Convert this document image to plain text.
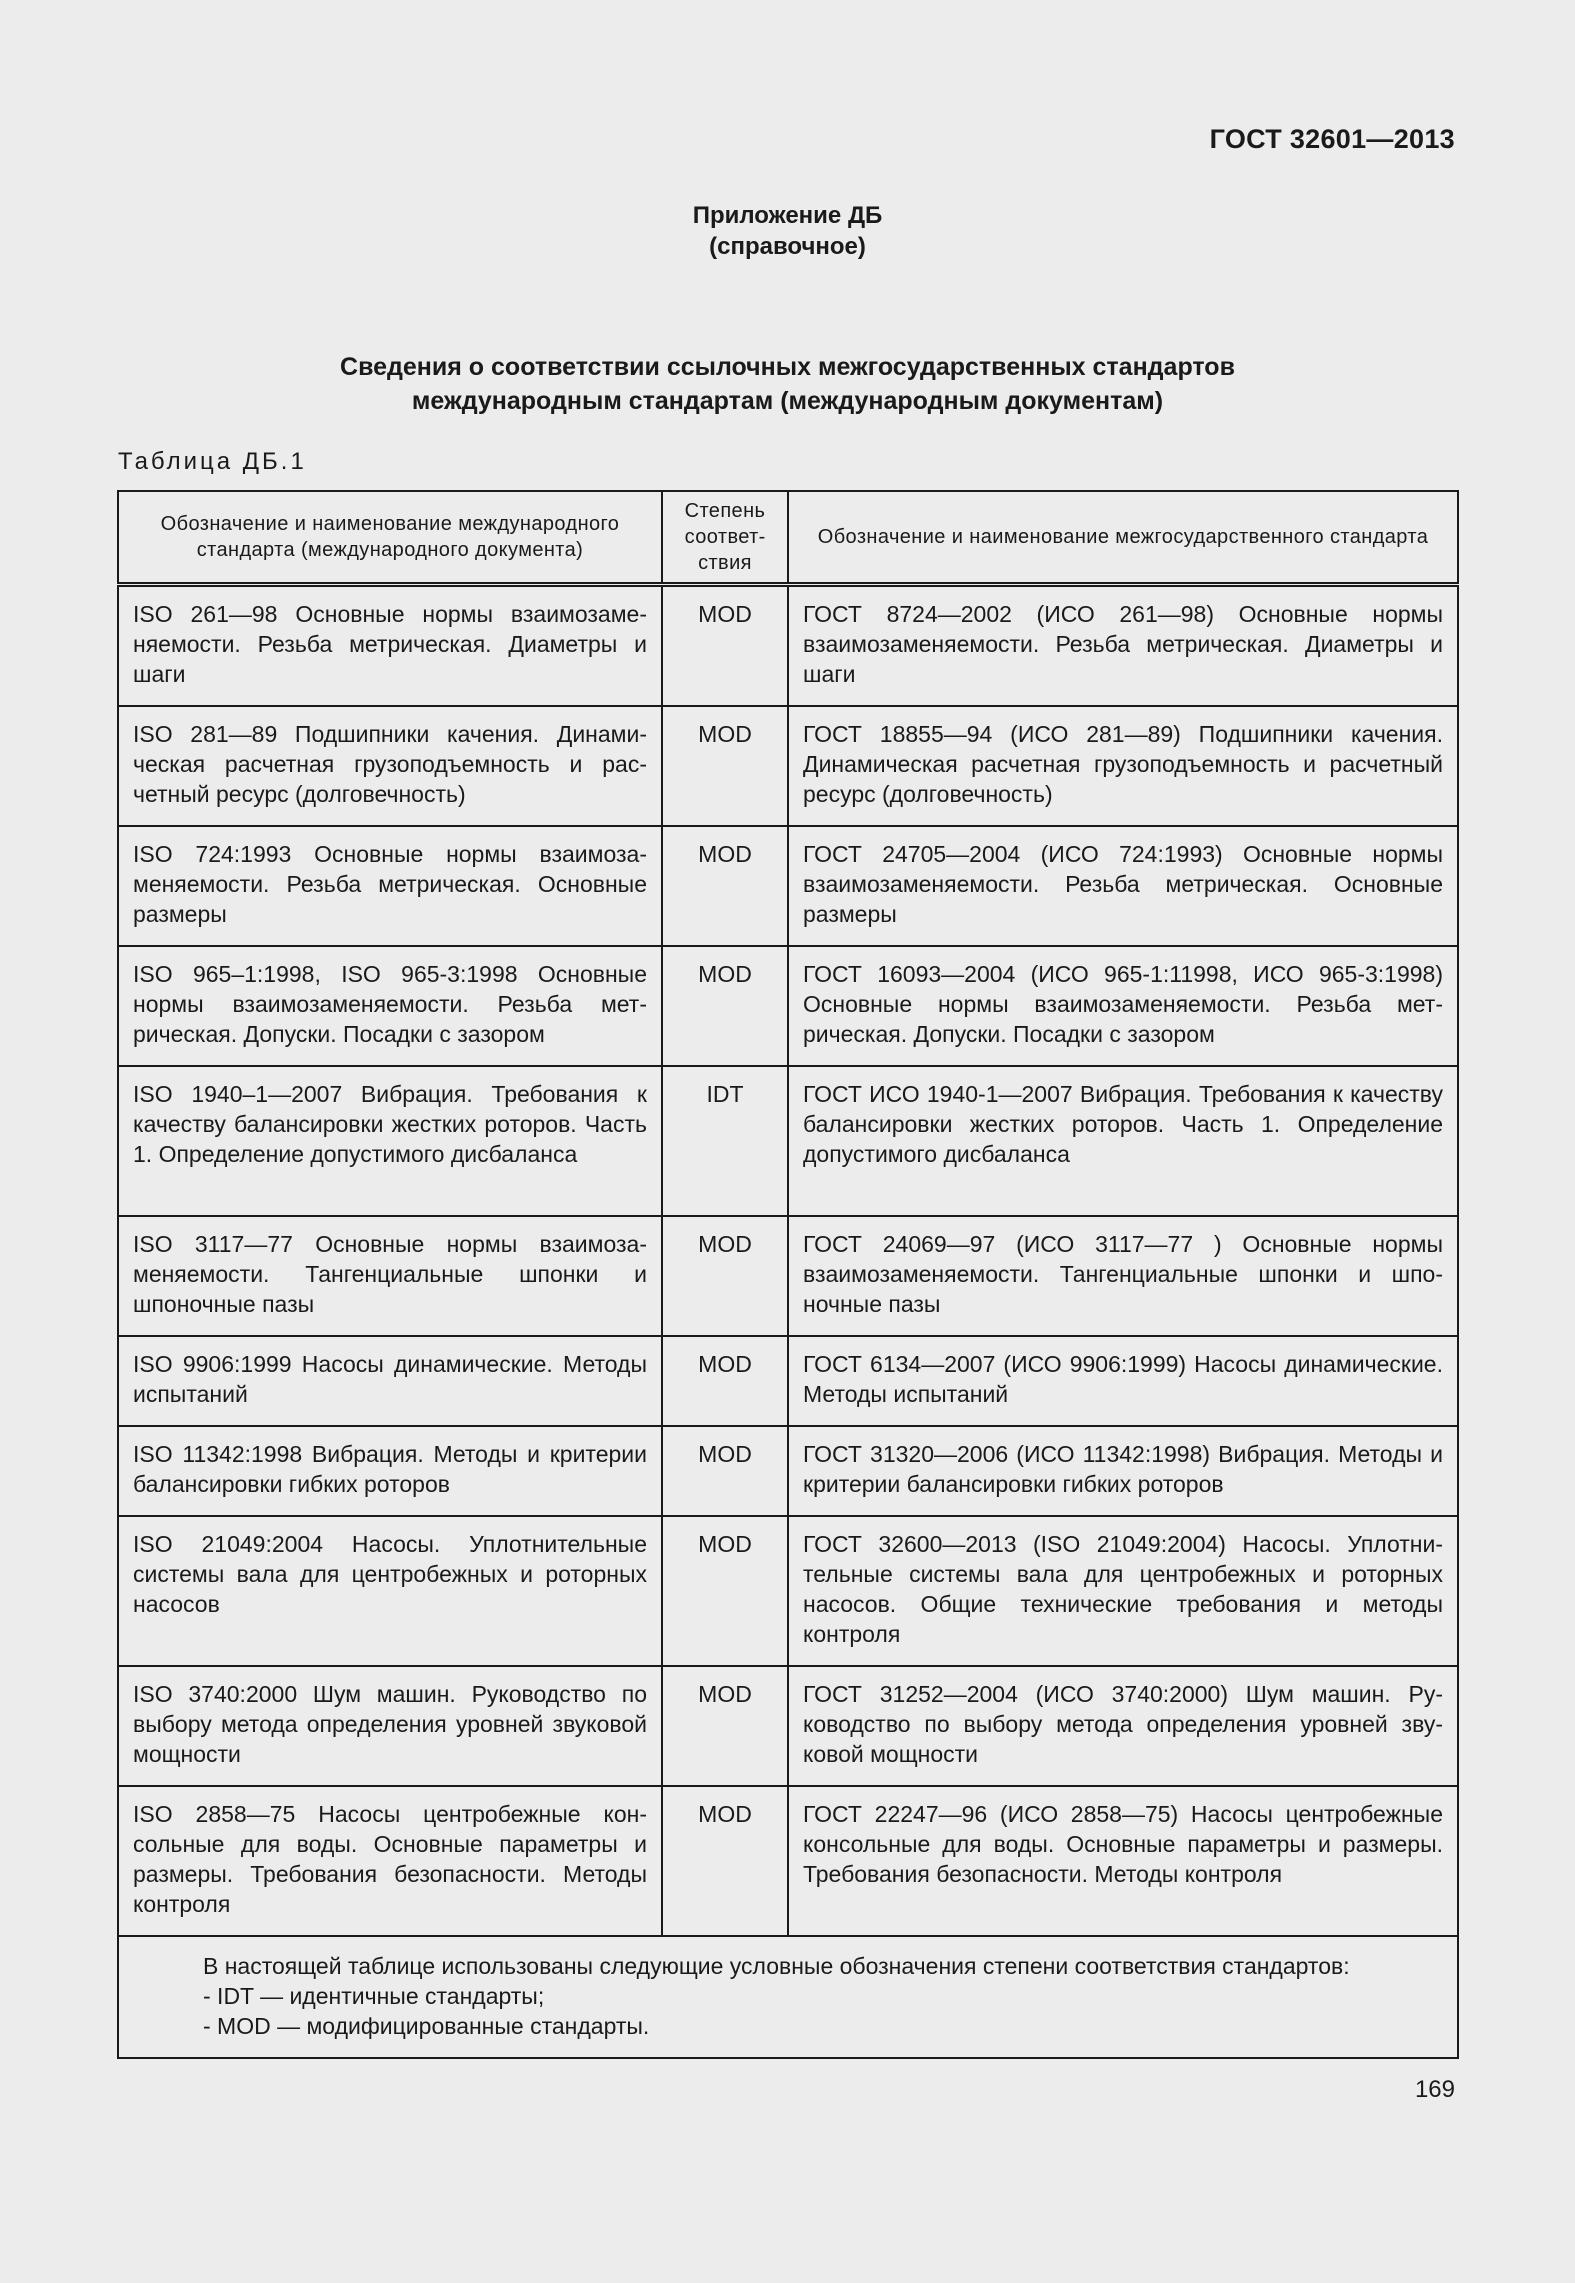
ГОСТ 32601—2013
Приложение ДБ
(справочное)
Сведения о соответствии ссылочных межгосударственных стандартов
международным стандартам (международным документам)
Таблица ДБ.1
Обозначение и наименование международного стандарта (международного документа)	Степень соответствия	Обозначение и наименование межгосударственного стандарта
ISO 261—98 Основные нормы взаимозаменяемости. Резьба метрическая. Диаметры и шаги	MOD	ГОСТ 8724—2002 (ИСО 261—98) Основные нормы взаимозаменяемости. Резьба метрическая. Диаметры и шаги
ISO 281—89 Подшипники качения. Динамическая расчетная грузоподъемность и расчетный ресурс (долговечность)	MOD	ГОСТ 18855—94 (ИСО 281—89) Подшипники качения. Динамическая расчетная грузоподъемность и расчетный ресурс (долговечность)
ISO 724:1993 Основные нормы взаимозаменяемости. Резьба метрическая. Основные размеры	MOD	ГОСТ 24705—2004 (ИСО 724:1993) Основные нормы взаимозаменяемости. Резьба метрическая. Основные размеры
ISO 965–1:1998, ISO 965-3:1998 Основные нормы взаимозаменяемости. Резьба метрическая. Допуски. Посадки с зазором	MOD	ГОСТ 16093—2004 (ИСО 965-1:11998, ИСО 965-3:1998) Основные нормы взаимозаменяемости. Резьба метрическая. Допуски. Посадки с зазором
ISO 1940–1—2007 Вибрация. Требования к качеству балансировки жестких роторов. Часть 1. Определение допустимого дисбаланса	IDT	ГОСТ ИСО 1940-1—2007 Вибрация. Требования к качеству балансировки жестких роторов. Часть 1. Определение допустимого дисбаланса
ISO 3117—77 Основные нормы взаимозаменяемости. Тангенциальные шпонки и шпоночные пазы	MOD	ГОСТ 24069—97 (ИСО 3117—77 ) Основные нормы взаимозаменяемости. Тангенциальные шпонки и шпоночные пазы
ISO 9906:1999 Насосы динамические. Методы испытаний	MOD	ГОСТ 6134—2007 (ИСО 9906:1999) Насосы динамические. Методы испытаний
ISO 11342:1998 Вибрация. Методы и критерии балансировки гибких роторов	MOD	ГОСТ 31320—2006 (ИСО 11342:1998) Вибрация. Методы и критерии балансировки гибких роторов
ISO 21049:2004 Насосы. Уплотнительные системы вала для центробежных и роторных насосов	MOD	ГОСТ 32600—2013 (ISO 21049:2004) Насосы. Уплотнительные системы вала для центробежных и роторных насосов. Общие технические требования и методы контроля
ISO 3740:2000 Шум машин. Руководство по выбору метода определения уровней звуковой мощности	MOD	ГОСТ 31252—2004 (ИСО 3740:2000) Шум машин. Руководство по выбору метода определения уровней звуковой мощности
ISO 2858—75 Насосы центробежные консольные для воды. Основные параметры и размеры. Требования безопасности. Методы контроля	MOD	ГОСТ 22247—96 (ИСО 2858—75) Насосы центробежные консольные для воды. Основные параметры и размеры. Требования безопасности. Методы контроля

В настоящей таблице использованы следующие условные обозначения степени соответствия стандартов:
- IDT — идентичные стандарты;
- MOD — модифицированные стандарты.		
169
